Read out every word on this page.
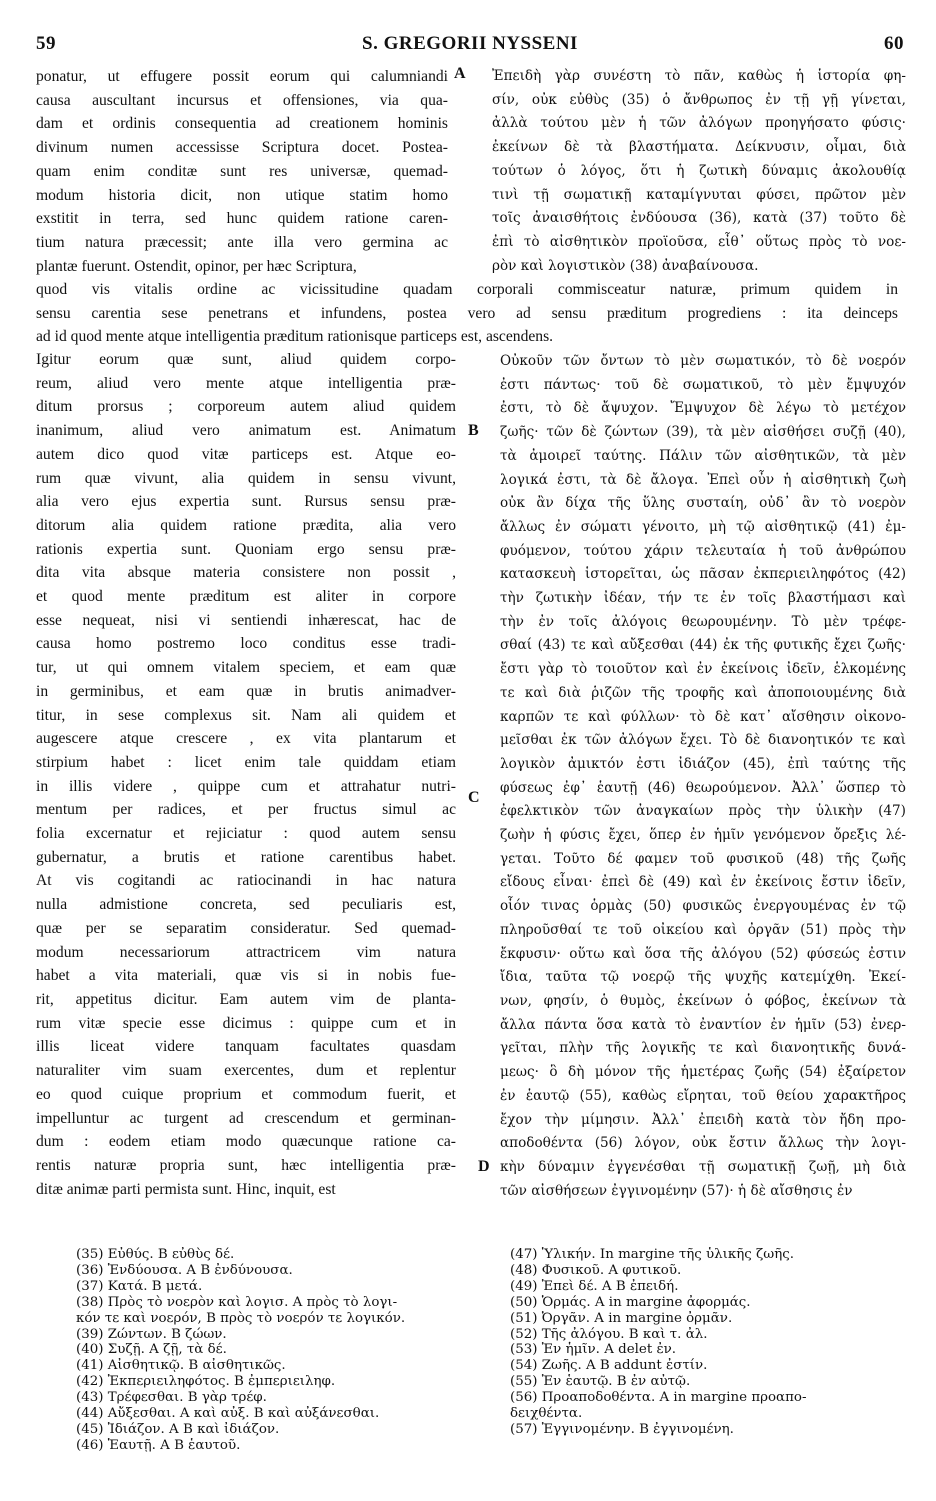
59	S. GREGORII NYSSENI	60
ponatur, ut effugere possit eorum qui calumniandi
causa auscultant incursus et offensiones, via qua-
dam et ordinis consequentia ad creationem hominis
divinum numen accessisse Scriptura docet. Postea-
quam enim conditæ sunt res universæ, quemad-
modum historia dicit, non utique statim homo
exstitit in terra, sed hunc quidem ratione caren-
tium natura præcessit; ante illa vero germina ac
plantæ fuerunt. Ostendit, opinor, per hæc Scriptura,
Ἐπειδὴ γὰρ συνέστη τὸ πᾶν, καθὼς ἡ ἱστορία φη-
σίν, οὐκ εὐθὺς (35) ὁ ἄνθρωπος ἐν τῇ γῇ γίνεται,
ἀλλὰ τούτου μὲν ἡ τῶν ἀλόγων προηγήσατο φύσις·
ἐκείνων δὲ τὰ βλαστήματα. Δείκνυσιν, οἶμαι, διὰ
τούτων ὁ λόγος, ὅτι ἡ ζωτικὴ δύναμις ἀκολουθίᾳ
τινὶ τῇ σωματικῇ καταμίγνυται φύσει, πρῶτον μὲν
τοῖς ἀναισθήτοις ἐνδύουσα (36), κατὰ (37) τοῦτο δὲ
ἐπὶ τὸ αἰσθητικὸν προϊοῦσα, εἶθ᾽ οὕτως πρὸς τὸ νοε-
ρὸν καὶ λογιστικὸν (38) ἀναβαίνουσα.
quod vis vitalis ordine ac vicissitudine quadam corporali commisceatur naturæ, primum quidem in
sensu carentia sese penetrans et infundens, postea vero ad sensu præditum progrediens : ita deinceps
ad id quod mente atque intelligentia præditum rationisque particeps est, ascendens.
Igitur eorum quæ sunt, aliud quidem corpo-
reum, aliud vero mente atque intelligentia præ-
ditum prorsus ; corporeum autem aliud quidem
inanimum, aliud vero animatum est. Animatum
autem dico quod vitæ particeps est. Atque eo-
rum quæ vivunt, alia quidem in sensu vivunt,
alia vero ejus expertia sunt. Rursus sensu præ-
ditorum alia quidem ratione prædita, alia vero
rationis expertia sunt. Quoniam ergo sensu præ-
dita vita absque materia consistere non possit ,
et quod mente præditum est aliter in corpore
esse nequeat, nisi vi sentiendi inhærescat, hac de
causa homo postremo loco conditus esse tradi-
tur, ut qui omnem vitalem speciem, et eam quæ
in germinibus, et eam quæ in brutis animadver-
titur, in sese complexus sit. Nam ali quidem et
augescere atque crescere , ex vita plantarum et
stirpium habet : licet enim tale quiddam etiam
in illis videre , quippe cum et attrahatur nutri-
mentum per radices, et per fructus simul ac
folia excernatur et rejiciatur : quod autem sensu
gubernatur, a brutis et ratione carentibus habet.
At vis cogitandi ac ratiocinandi in hac natura
nulla admistione concreta, sed peculiaris est,
quæ per se separatim consideratur. Sed quemad-
modum necessariorum attractricem vim natura
habet a vita materiali, quæ vis si in nobis fue-
rit, appetitus dicitur. Eam autem vim de planta-
rum vitæ specie esse dicimus : quippe cum et in
illis liceat videre tanquam facultates quasdam
naturaliter vim suam exercentes, dum et replentur
eo quod cuique proprium et commodum fuerit, et
impelluntur ac turgent ad crescendum et germinan-
dum : eodem etiam modo quæcunque ratione ca-
rentis naturæ propria sunt, hæc intelligentia præ-
ditæ animæ parti permista sunt. Hinc, inquit, est
Οὐκοῦν τῶν ὄντων τὸ μὲν σωματικόν, τὸ δὲ νοερόν
ἐστι πάντως· τοῦ δὲ σωματικοῦ, τὸ μὲν ἔμψυχόν
ἐστι, τὸ δὲ ἄψυχον. Ἔμψυχον δὲ λέγω τὸ μετέχον
ζωῆς· τῶν δὲ ζώντων (39), τὰ μὲν αἰσθήσει συζῇ (40),
τὰ ἀμοιρεῖ ταύτης. Πάλιν τῶν αἰσθητικῶν, τὰ μὲν
λογικά ἐστι, τὰ δὲ ἄλογα. Ἐπεὶ οὖν ἡ αἰσθητικὴ ζωὴ
οὐκ ἂν δίχα τῆς ὕλης συσταίη, οὐδ᾽ ἂν τὸ νοερὸν
ἄλλως ἐν σώματι γένοιτο, μὴ τῷ αἰσθητικῷ (41) ἐμ-
φυόμενον, τούτου χάριν τελευταία ἡ τοῦ ἀνθρώπου
κατασκευὴ ἱστορεῖται, ὡς πᾶσαν ἐκπεριειληφότος (42)
τὴν ζωτικὴν ἰδέαν, τήν τε ἐν τοῖς βλαστήμασι καὶ
τὴν ἐν τοῖς ἀλόγοις θεωρουμένην. Τὸ μὲν τρέφε-
σθαί (43) τε καὶ αὔξεσθαι (44) ἐκ τῆς φυτικῆς ἔχει ζωῆς·
ἔστι γὰρ τὸ τοιοῦτον καὶ ἐν ἐκείνοις ἰδεῖν, ἑλκομένης
τε καὶ διὰ ῥιζῶν τῆς τροφῆς καὶ ἀποποιουμένης διὰ
καρπῶν τε καὶ φύλλων· τὸ δὲ κατ᾽ αἴσθησιν οἰκονο-
μεῖσθαι ἐκ τῶν ἀλόγων ἔχει. Τὸ δὲ διανοητικόν τε καὶ
λογικὸν ἀμικτόν ἐστι ἰδιάζον (45), ἐπὶ ταύτης τῆς
φύσεως ἐφ᾽ ἑαυτῇ (46) θεωρούμενον. Ἀλλ᾽ ὥσπερ τὸ
ἐφελκτικὸν τῶν ἀναγκαίων πρὸς τὴν ὑλικὴν (47)
ζωὴν ἡ φύσις ἔχει, ὅπερ ἐν ἡμῖν γενόμενον ὄρεξις λέ-
γεται. Τοῦτο δέ φαμεν τοῦ φυσικοῦ (48) τῆς ζωῆς
εἴδους εἶναι· ἐπεὶ δὲ (49) καὶ ἐν ἐκείνοις ἔστιν ἰδεῖν,
οἷόν τινας ὁρμὰς (50) φυσικῶς ἐνεργουμένας ἐν τῷ
πληροῦσθαί τε τοῦ οἰκείου καὶ ὀργᾶν (51) πρὸς τὴν
ἔκφυσιν· οὕτω καὶ ὅσα τῆς ἀλόγου (52) φύσεώς ἐστιν
ἴδια, ταῦτα τῷ νοερῷ τῆς ψυχῆς κατεμίχθη. Ἐκεί-
νων, φησίν, ὁ θυμὸς, ἐκείνων ὁ φόβος, ἐκείνων τὰ
ἄλλα πάντα ὅσα κατὰ τὸ ἐναντίον ἐν ἡμῖν (53) ἐνερ-
γεῖται, πλὴν τῆς λογικῆς τε καὶ διανοητικῆς δυνά-
μεως· ὃ δὴ μόνον τῆς ἡμετέρας ζωῆς (54) ἐξαίρετον
ἐν ἑαυτῷ (55), καθὼς εἴρηται, τοῦ θείου χαρακτῆρος
ἔχον τὴν μίμησιν. Ἀλλ᾽ ἐπειδὴ κατὰ τὸν ἤδη προ-
αποδοθέντα (56) λόγον, οὐκ ἔστιν ἄλλως τὴν λογι-
κὴν δύναμιν ἐγγενέσθαι τῇ σωματικῇ ζωῇ, μὴ διὰ
τῶν αἰσθήσεων ἐγγινομένην (57)· ἡ δὲ αἴσθησις ἐν
A
B
C
D
(35) Εὐθύς. B εὐθὺς δέ.
(36) Ἐνδύουσα. A B ἐνδύνουσα.
(37) Κατά. B μετά.
(38) Πρὸς τὸ νοερὸν καὶ λογισ. A πρὸς τὸ λογι-
κόν τε καὶ νοερόν, B πρὸς τὸ νοερόν τε λογικόν.
(39) Ζώντων. B ζώων.
(40) Συζῇ. A ζῇ, τὰ δέ.
(41) Αἰσθητικῷ. B αἰσθητικῶς.
(42) Ἐκπεριειληφότος. B ἐμπεριειληφ.
(43) Τρέφεσθαι. B γὰρ τρέφ.
(44) Αὔξεσθαι. A καὶ αὐξ. B καὶ αὐξάνεσθαι.
(45) Ἰδιάζον. A B καὶ ἰδιάζον.
(46) Ἑαυτῇ. A B ἑαυτοῦ.
(47) Ὑλικήν. In margine τῆς ὑλικῆς ζωῆς.
(48) Φυσικοῦ. A φυτικοῦ.
(49) Ἐπεὶ δέ. A B ἐπειδή.
(50) Ὁρμάς. A in margine ἀφορμάς.
(51) Ὀργᾶν. A in margine ὀρμᾶν.
(52) Τῆς ἀλόγου. B καὶ τ. ἀλ.
(53) Ἐν ἡμῖν. A delet ἐν.
(54) Ζωῆς. A B addunt ἐστίν.
(55) Ἐν ἑαυτῷ. B ἐν αὐτῷ.
(56) Προαποδοθέντα. A in margine προαπο-
δειχθέντα.
(57) Ἐγγινομένην. B ἐγγινομένη.
